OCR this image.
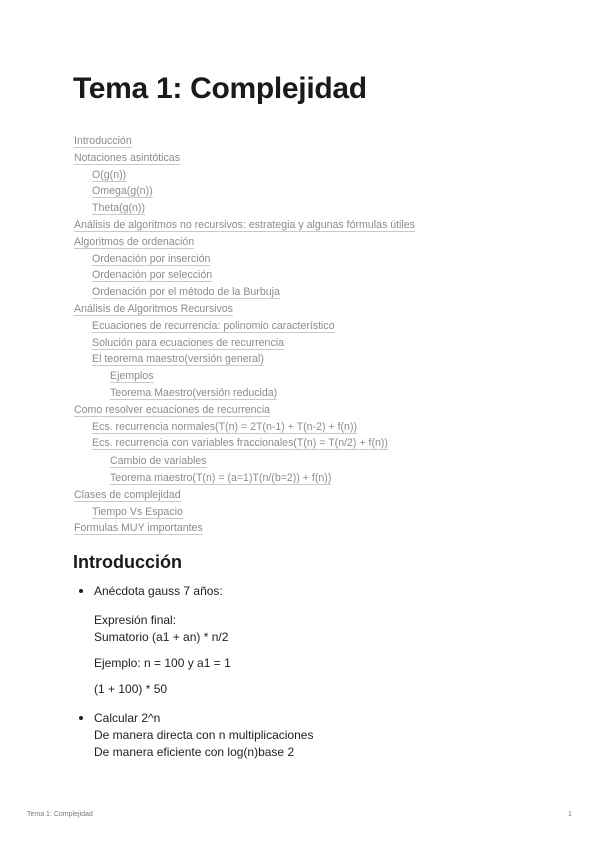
Tema 1: Complejidad
Introducción
Notaciones asintóticas
O(g(n))
Omega(g(n))
Theta(g(n))
Análisis de algoritmos no recursivos: estrategia y algunas fórmulas útiles
Algoritmos de ordenación
Ordenación por inserción
Ordenación por selección
Ordenación por el método de la Burbuja
Análisis de Algoritmos Recursivos
Ecuaciones de recurrencia: polinomio característico
Solución para ecuaciones de recurrencia
El teorema maestro(versión general)
Ejemplos
Teorema Maestro(versión reducida)
Como resolver ecuaciones de recurrencia
Ecs. recurrencia normales(T(n) = 2T(n-1) + T(n-2) + f(n))
Ecs. recurrencia con variables fraccionales(T(n) = T(n/2) + f(n))
Cambio de variables
Teorema maestro(T(n) = (a=1)T(n/(b=2)) + f(n))
Clases de complejidad
Tiempo Vs Espacio
Formulas MUY importantes
Introducción

Anécdota gauss 7 años:

Expresión final:

Sumatorio (a1 + an) * n/2

Ejemplo: n = 100 y a1 = 1

(1 + 100) * 50

Calcular 2^n

De manera directa con n multiplicaciones

De manera eficiente con log(n)base 2

Tema 1: Complejidad	1
